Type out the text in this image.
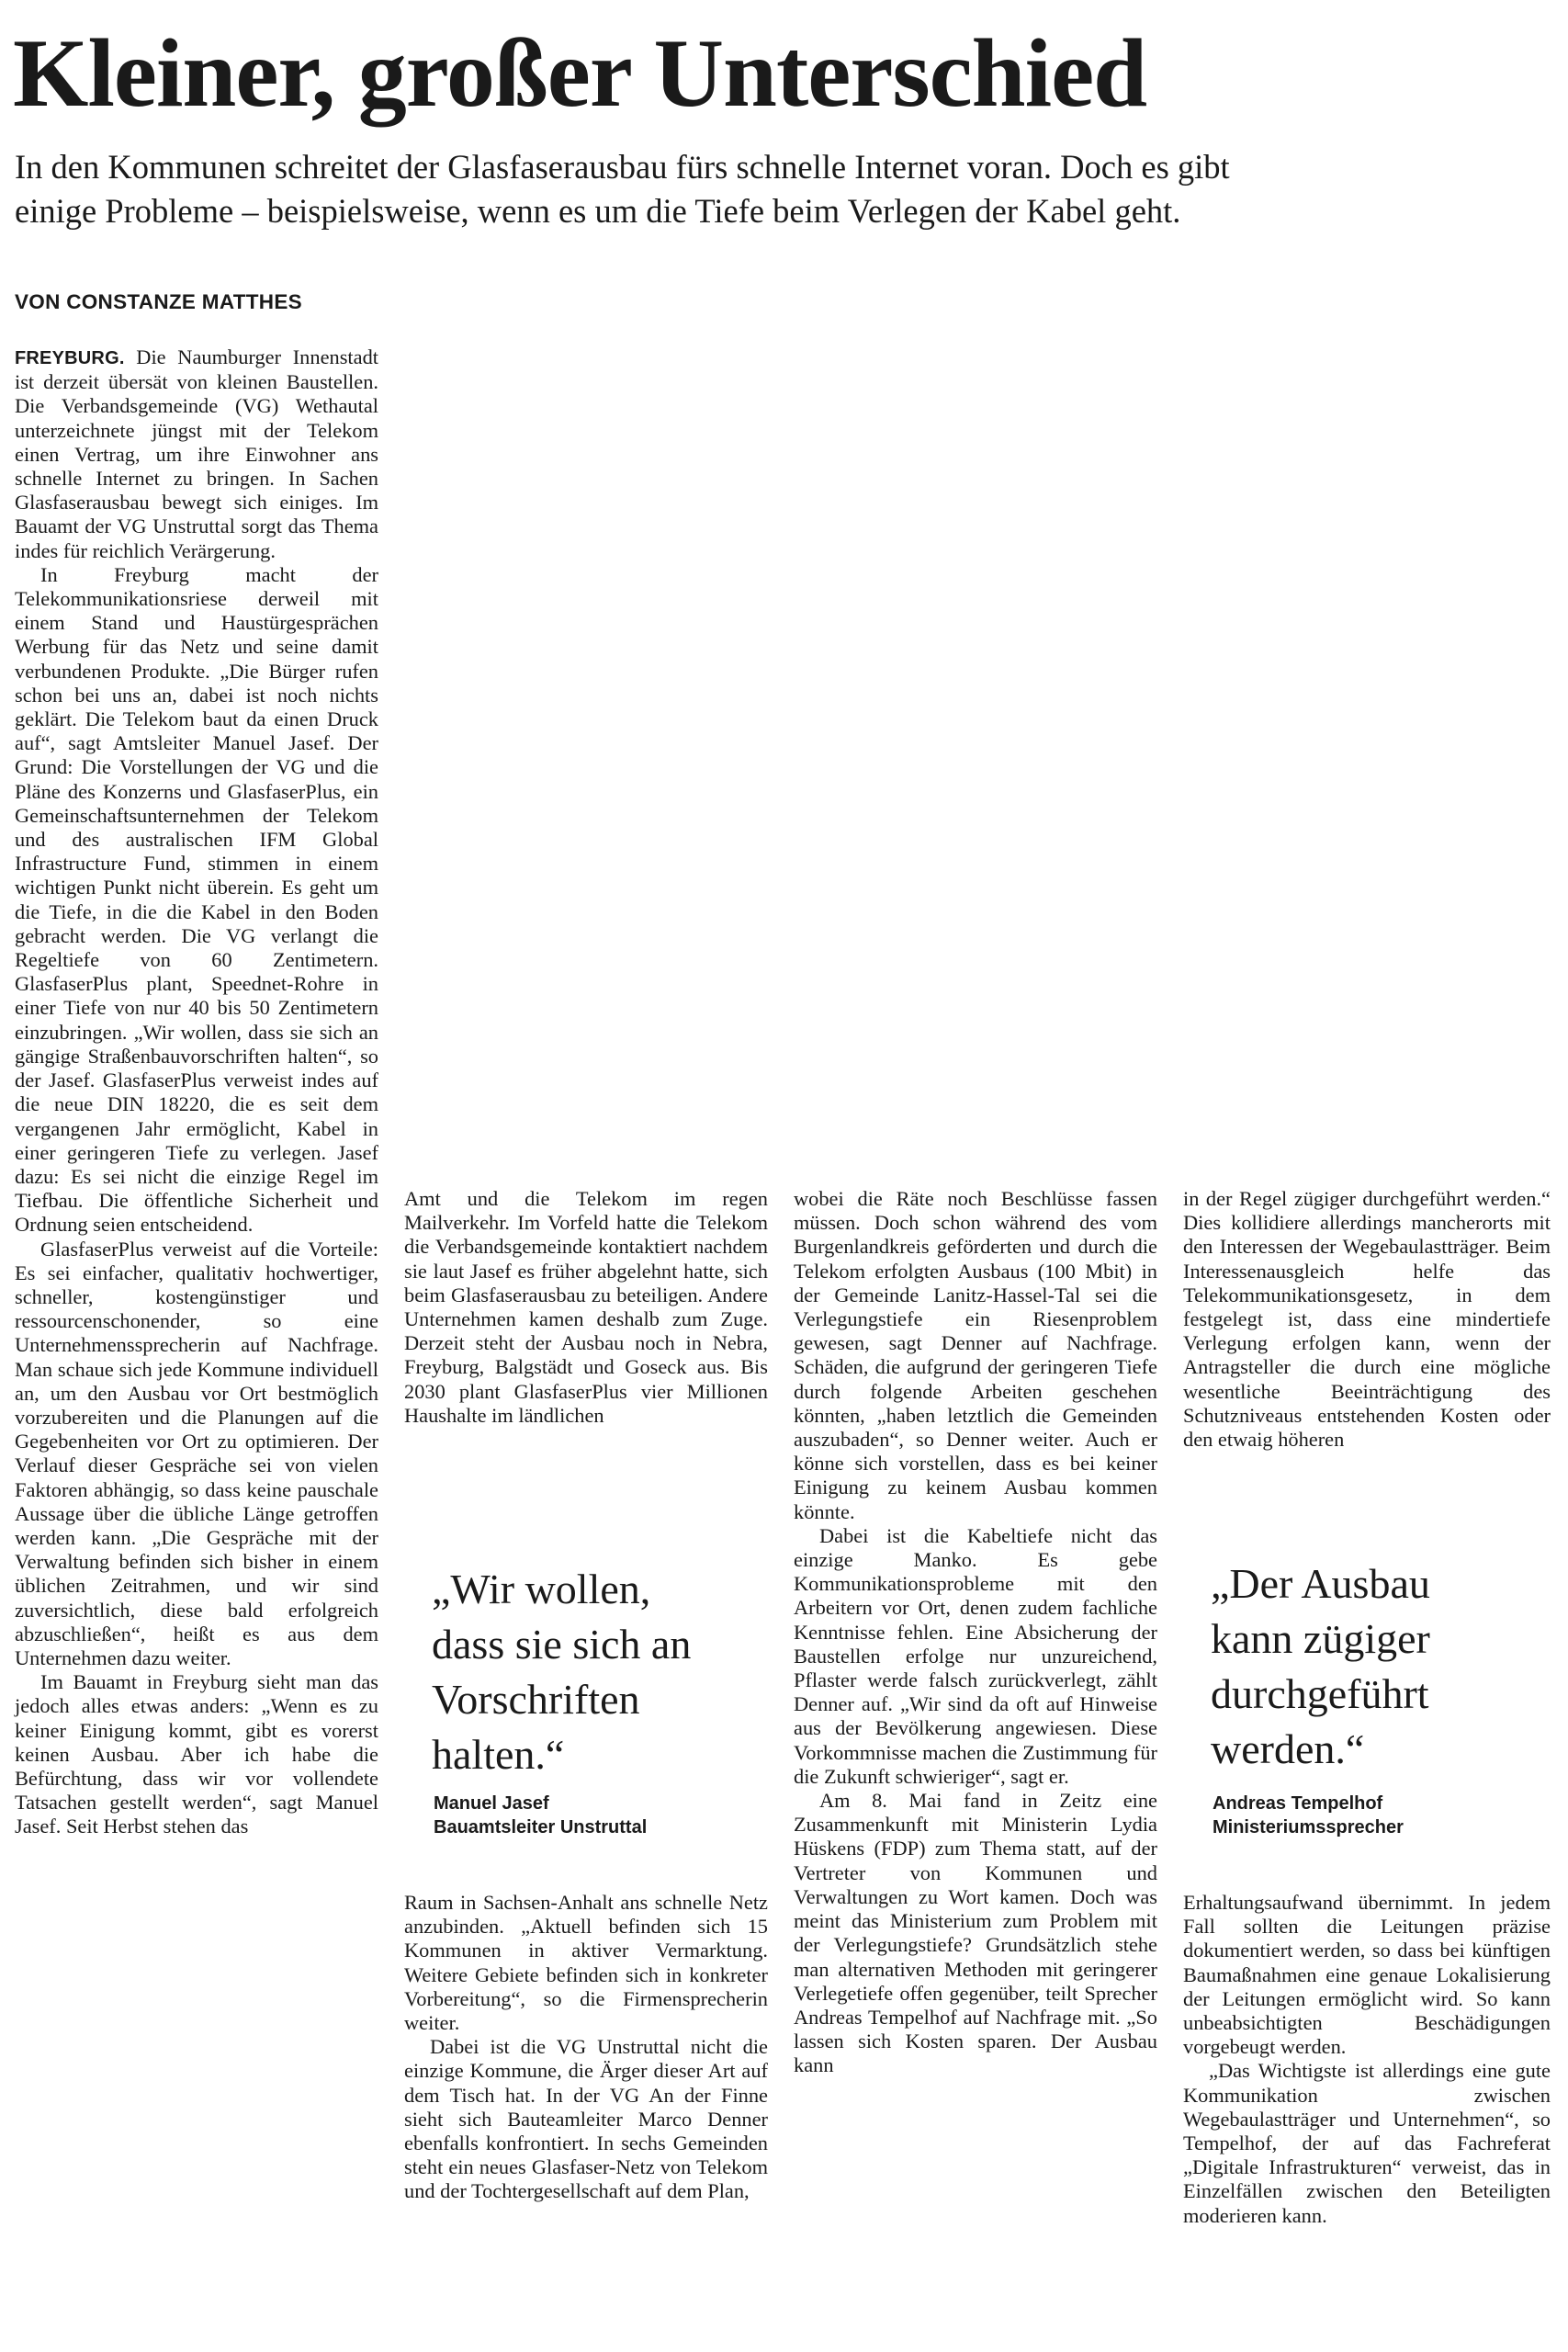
Kleiner, großer Unterschied
In den Kommunen schreitet der Glasfaserausbau fürs schnelle Internet voran. Doch es gibt
einige Probleme – beispielsweise, wenn es um die Tiefe beim Verlegen der Kabel geht.
VON CONSTANZE MATTHES

FREYBURG. Die Naumburger Innenstadt ist derzeit übersät von kleinen Baustellen. Die Verbandsgemeinde (VG) Wethautal unterzeichnete jüngst mit der Telekom einen Vertrag, um ihre Einwohner ans schnelle Internet zu bringen. In Sachen Glasfaserausbau bewegt sich einiges. Im Bauamt der VG Unstruttal sorgt das Thema indes für reichlich Verärgerung.

In Freyburg macht der Telekommunikationsriese derweil mit einem Stand und Haustürgesprächen Werbung für das Netz und seine damit verbundenen Produkte. „Die Bürger rufen schon bei uns an, dabei ist noch nichts geklärt. Die Telekom baut da einen Druck auf“, sagt Amtsleiter Manuel Jasef. Der Grund: Die Vorstellungen der VG und die Pläne des Konzerns und GlasfaserPlus, ein Gemeinschaftsunternehmen der Telekom und des australischen IFM Global Infrastructure Fund, stimmen in einem wichtigen Punkt nicht überein. Es geht um die Tiefe, in die die Kabel in den Boden gebracht werden. Die VG verlangt die Regeltiefe von 60 Zentimetern. GlasfaserPlus plant, Speednet-Rohre in einer Tiefe von nur 40 bis 50 Zentimetern einzubringen. „Wir wollen, dass sie sich an gängige Straßenbauvorschriften halten“, so der Jasef. GlasfaserPlus verweist indes auf die neue DIN 18220, die es seit dem vergangenen Jahr ermöglicht, Kabel in einer geringeren Tiefe zu verlegen. Jasef dazu: Es sei nicht die einzige Regel im Tiefbau. Die öffentliche Sicherheit und Ordnung seien entscheidend.

GlasfaserPlus verweist auf die Vorteile: Es sei einfacher, qualitativ hochwertiger, schneller, kostengünstiger und ressourcenschonender, so eine Unternehmenssprecherin auf Nachfrage. Man schaue sich jede Kommune individuell an, um den Ausbau vor Ort bestmöglich vorzubereiten und die Planungen auf die Gegebenheiten vor Ort zu optimieren. Der Verlauf dieser Gespräche sei von vielen Faktoren abhängig, so dass keine pauschale Aussage über die übliche Länge getroffen werden kann. „Die Gespräche mit der Verwaltung befinden sich bisher in einem üblichen Zeitrahmen, und wir sind zuversichtlich, diese bald erfolgreich abzuschließen“, heißt es aus dem Unternehmen dazu weiter.

Im Bauamt in Freyburg sieht man das jedoch alles etwas anders: „Wenn es zu keiner Einigung kommt, gibt es vorerst keinen Ausbau. Aber ich habe die Befürchtung, dass wir vor vollendete Tatsachen gestellt werden“, sagt Manuel Jasef. Seit Herbst stehen das

Amt und die Telekom im regen Mailverkehr. Im Vorfeld hatte die Telekom die Verbandsgemeinde kontaktiert nachdem sie laut Jasef es früher abgelehnt hatte, sich beim Glasfaserausbau zu beteiligen. Andere Unternehmen kamen deshalb zum Zuge. Derzeit steht der Ausbau noch in Nebra, Freyburg, Balgstädt und Goseck aus. Bis 2030 plant GlasfaserPlus vier Millionen Haushalte im ländlichen

„Wir wollen,
dass sie sich an
Vorschriften
halten.“
Manuel Jasef
Bauamtsleiter Unstruttal

Raum in Sachsen-Anhalt ans schnelle Netz anzubinden. „Aktuell befinden sich 15 Kommunen in aktiver Vermarktung. Weitere Gebiete befinden sich in konkreter Vorbereitung“, so die Firmensprecherin weiter.

Dabei ist die VG Unstruttal nicht die einzige Kommune, die Ärger dieser Art auf dem Tisch hat. In der VG An der Finne sieht sich Bauteamleiter Marco Denner ebenfalls konfrontiert. In sechs Gemeinden steht ein neues Glasfaser-Netz von Telekom und der Tochtergesellschaft auf dem Plan,

wobei die Räte noch Beschlüsse fassen müssen. Doch schon während des vom Burgenlandkreis geförderten und durch die Telekom erfolgten Ausbaus (100 Mbit) in der Gemeinde Lanitz-Hassel-Tal sei die Verlegungstiefe ein Riesenproblem gewesen, sagt Denner auf Nachfrage. Schäden, die aufgrund der geringeren Tiefe durch folgende Arbeiten geschehen könnten, „haben letztlich die Gemeinden auszubaden“, so Denner weiter. Auch er könne sich vorstellen, dass es bei keiner Einigung zu keinem Ausbau kommen könnte.

Dabei ist die Kabeltiefe nicht das einzige Manko. Es gebe Kommunikationsprobleme mit den Arbeitern vor Ort, denen zudem fachliche Kenntnisse fehlen. Eine Absicherung der Baustellen erfolge nur unzureichend, Pflaster werde falsch zurückverlegt, zählt Denner auf. „Wir sind da oft auf Hinweise aus der Bevölkerung angewiesen. Diese Vorkommnisse machen die Zustimmung für die Zukunft schwieriger“, sagt er.

Am 8. Mai fand in Zeitz eine Zusammenkunft mit Ministerin Lydia Hüskens (FDP) zum Thema statt, auf der Vertreter von Kommunen und Verwaltungen zu Wort kamen. Doch was meint das Ministerium zum Problem mit der Verlegungstiefe? Grundsätzlich stehe man alternativen Methoden mit geringerer Verlegetiefe offen gegenüber, teilt Sprecher Andreas Tempelhof auf Nachfrage mit. „So lassen sich Kosten sparen. Der Ausbau kann

in der Regel zügiger durchgeführt werden.“ Dies kollidiere allerdings mancherorts mit den Interessen der Wegebaulastträger. Beim Interessenausgleich helfe das Telekommunikationsgesetz, in dem festgelegt ist, dass eine mindertiefe Verlegung erfolgen kann, wenn der Antragsteller die durch eine mögliche wesentliche Beeinträchtigung des Schutzniveaus entstehenden Kosten oder den etwaig höheren

„Der Ausbau
kann zügiger
durchgeführt
werden.“
Andreas Tempelhof
Ministeriumssprecher

Erhaltungsaufwand übernimmt. In jedem Fall sollten die Leitungen präzise dokumentiert werden, so dass bei künftigen Baumaßnahmen eine genaue Lokalisierung der Leitungen ermöglicht wird. So kann unbeabsichtigten Beschädigungen vorgebeugt werden.

„Das Wichtigste ist allerdings eine gute Kommunikation zwischen Wegebaulastträger und Unternehmen“, so Tempelhof, der auf das Fachreferat „Digitale Infrastrukturen“ verweist, das in Einzelfällen zwischen den Beteiligten moderieren kann.
